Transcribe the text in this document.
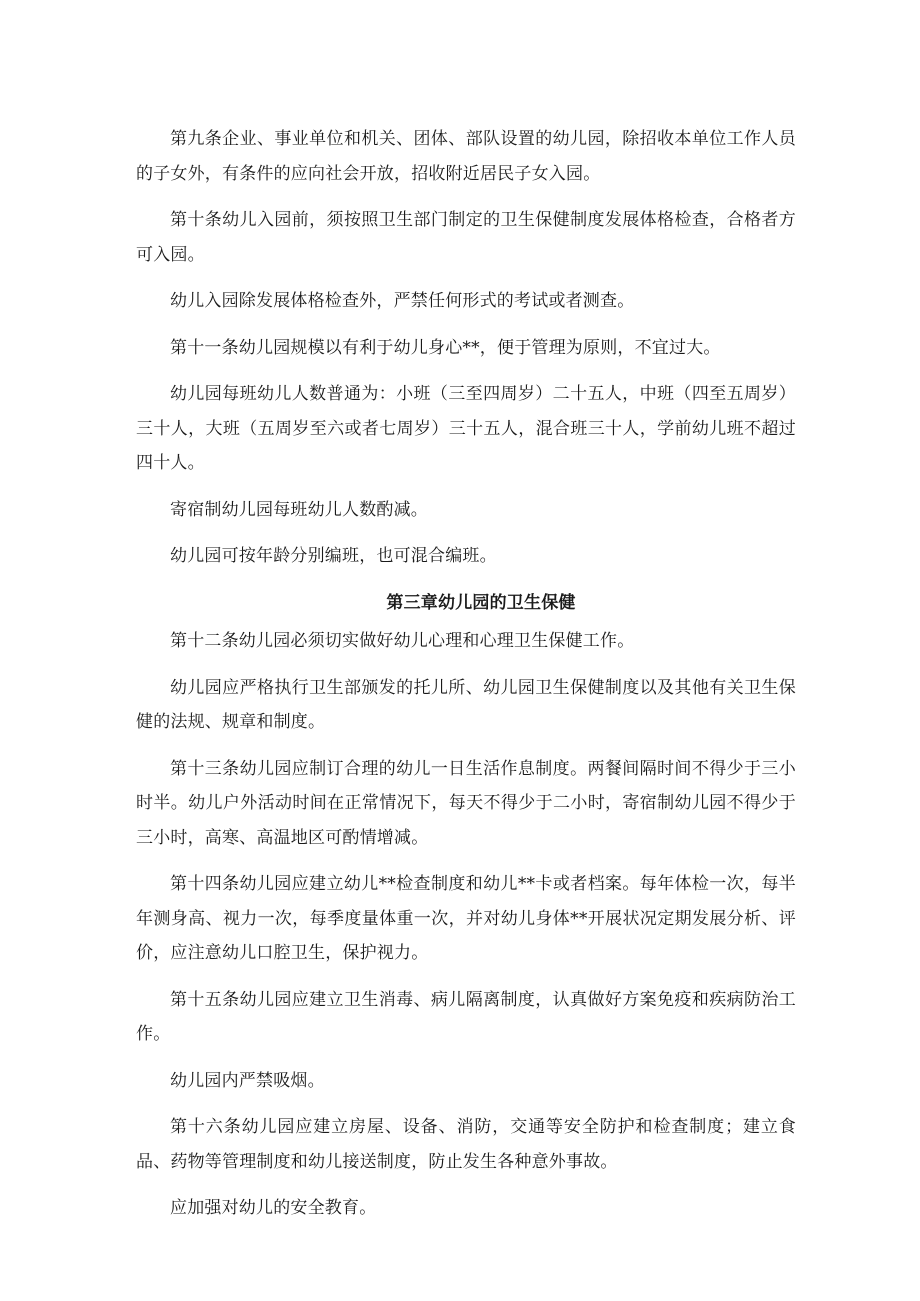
第九条企业、事业单位和机关、团体、部队设置的幼儿园，除招收本单位工作人员的子女外，有条件的应向社会开放，招收附近居民子女入园。

第十条幼儿入园前，须按照卫生部门制定的卫生保健制度发展体格检查，合格者方可入园。

幼儿入园除发展体格检查外，严禁任何形式的考试或者测查。

第十一条幼儿园规模以有利于幼儿身心**，便于管理为原则，不宜过大。

幼儿园每班幼儿人数普通为：小班（三至四周岁）二十五人，中班（四至五周岁）三十人，大班（五周岁至六或者七周岁）三十五人，混合班三十人，学前幼儿班不超过四十人。

寄宿制幼儿园每班幼儿人数酌减。

幼儿园可按年龄分别编班，也可混合编班。

第三章幼儿园的卫生保健

第十二条幼儿园必须切实做好幼儿心理和心理卫生保健工作。

幼儿园应严格执行卫生部颁发的托儿所、幼儿园卫生保健制度以及其他有关卫生保健的法规、规章和制度。

第十三条幼儿园应制订合理的幼儿一日生活作息制度。两餐间隔时间不得少于三小时半。幼儿户外活动时间在正常情况下，每天不得少于二小时，寄宿制幼儿园不得少于三小时，高寒、高温地区可酌情增减。

第十四条幼儿园应建立幼儿**检查制度和幼儿**卡或者档案。每年体检一次，每半年测身高、视力一次，每季度量体重一次，并对幼儿身体**开展状况定期发展分析、评价，应注意幼儿口腔卫生，保护视力。

第十五条幼儿园应建立卫生消毒、病儿隔离制度，认真做好方案免疫和疾病防治工作。

幼儿园内严禁吸烟。

第十六条幼儿园应建立房屋、设备、消防，交通等安全防护和检查制度；建立食品、药物等管理制度和幼儿接送制度，防止发生各种意外事故。

应加强对幼儿的安全教育。
